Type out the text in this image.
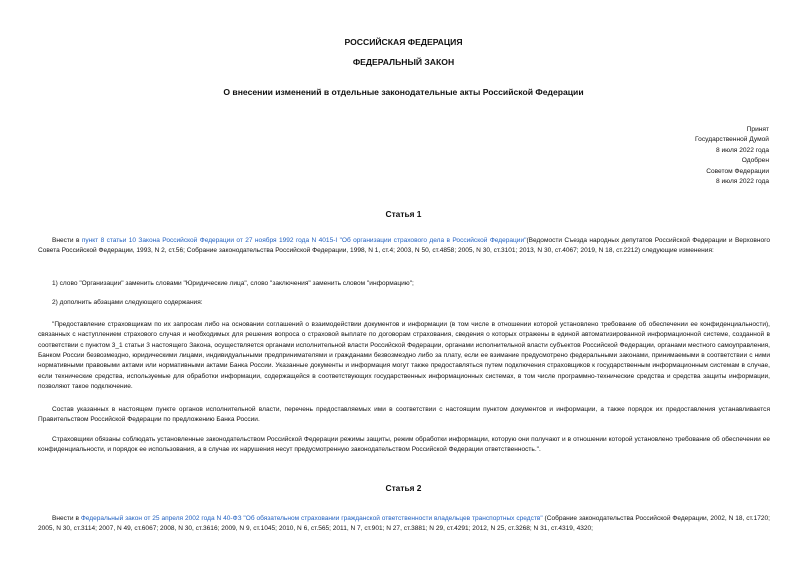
РОССИЙСКАЯ ФЕДЕРАЦИЯ
ФЕДЕРАЛЬНЫЙ ЗАКОН
О внесении изменений в отдельные законодательные акты Российской Федерации
Принят
Государственной Думой
8 июля 2022 года
Одобрен
Советом Федерации
8 июля 2022 года
Статья 1
Внести в пункт 8 статьи 10 Закона Российской Федерации от 27 ноября 1992 года N 4015-I "Об организации страхового дела в Российской Федерации"(Ведомости Съезда народных депутатов Российской Федерации и Верховного Совета Российской Федерации, 1993, N 2, ст.56; Собрание законодательства Российской Федерации, 1998, N 1, ст.4; 2003, N 50, ст.4858; 2005, N 30, ст.3101; 2013, N 30, ст.4067; 2019, N 18, ст.2212) следующие изменения:
1) слово "Организации" заменить словами "Юридические лица", слово "заключения" заменить словом "информацию";
2) дополнить абзацами следующего содержания:
"Предоставление страховщикам по их запросам либо на основании соглашений о взаимодействии документов и информации (в том числе в отношении которой установлено требование об обеспечении ее конфиденциальности), связанных с наступлением страхового случая и необходимых для решения вопроса о страховой выплате по договорам страхования, сведения о которых отражены в единой автоматизированной информационной системе, созданной в соответствии с пунктом 3_1 статьи 3 настоящего Закона, осуществляется органами исполнительной власти Российской Федерации, органами исполнительной власти субъектов Российской Федерации, органами местного самоуправления, Банком России безвозмездно, юридическими лицами, индивидуальными предпринимателями и гражданами безвозмездно либо за плату, если ее взимание предусмотрено федеральными законами, принимаемыми в соответствии с ними нормативными правовыми актами или нормативными актами Банка России. Указанные документы и информация могут также предоставляться путем подключения страховщиков к государственным информационным системам в случае, если технические средства, используемые для обработки информации, содержащейся в соответствующих государственных информационных системах, в том числе программно-технические средства и средства защиты информации, позволяют такое подключение.
Состав указанных в настоящем пункте органов исполнительной власти, перечень предоставляемых ими в соответствии с настоящим пунктом документов и информации, а также порядок их предоставления устанавливается Правительством Российской Федерации по предложению Банка России.
Страховщики обязаны соблюдать установленные законодательством Российской Федерации режимы защиты, режим обработки информации, которую они получают и в отношении которой установлено требование об обеспечении ее конфиденциальности, и порядок ее использования, а в случае их нарушения несут предусмотренную законодательством Российской Федерации ответственность.".
Статья 2
Внести в Федеральный закон от 25 апреля 2002 года N 40-ФЗ "Об обязательном страховании гражданской ответственности владельцев транспортных средств" (Собрание законодательства Российской Федерации, 2002, N 18, ст.1720; 2005, N 30, ст.3114; 2007, N 49, ст.6067; 2008, N 30, ст.3616; 2009, N 9, ст.1045; 2010, N 6, ст.565; 2011, N 7, ст.901; N 27, ст.3881; N 29, ст.4291; 2012, N 25, ст.3268; N 31, ст.4319, 4320;
